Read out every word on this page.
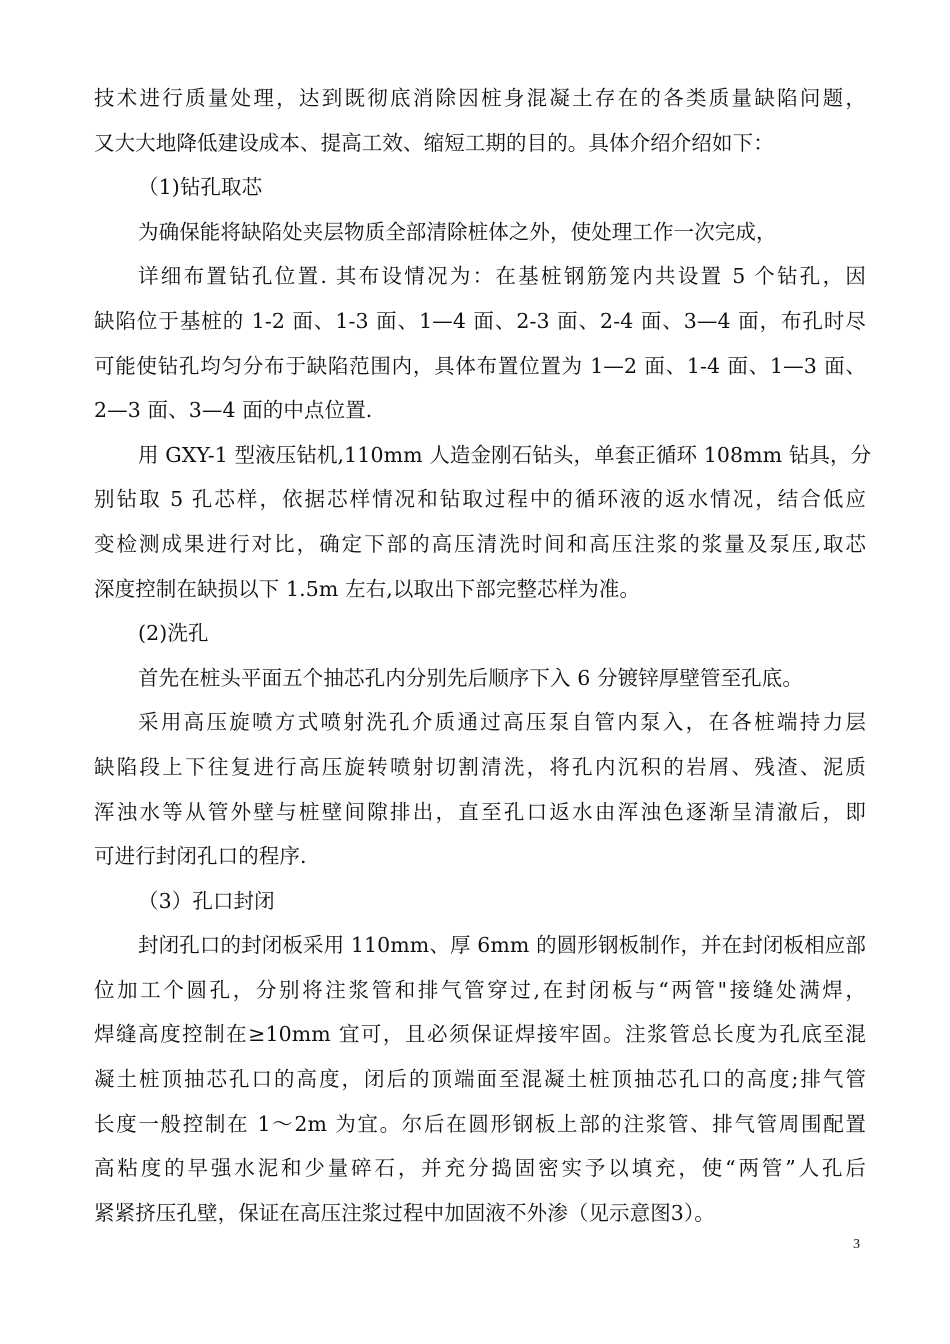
技术进行质量处理，达到既彻底消除因桩身混凝土存在的各类质量缺陷问题，
又大大地降低建设成本、提高工效、缩短工期的目的。具体介绍介绍如下：
（1)钻孔取芯
为确保能将缺陷处夹层物质全部清除桩体之外，使处理工作一次完成，
详细布置钻孔位置. 其布设情况为：在基桩钢筋笼内共设置 5 个钻孔，因
缺陷位于基桩的 1-2 面、1-3 面、1—4 面、2-3 面、2-4 面、3—4 面，布孔时尽
可能使钻孔均匀分布于缺陷范围内，具体布置位置为 1—2 面、1-4 面、1—3 面、
2—3 面、3—4 面的中点位置.
用 GXY-1 型液压钻机,110mm 人造金刚石钻头，单套正循环 108mm 钻具，分
别钻取 5 孔芯样，依据芯样情况和钻取过程中的循环液的返水情况，结合低应
变检测成果进行对比，确定下部的高压清洗时间和高压注浆的浆量及泵压,取芯
深度控制在缺损以下 1.5m 左右,以取出下部完整芯样为准。
(2)洗孔
首先在桩头平面五个抽芯孔内分别先后顺序下入 6 分镀锌厚壁管至孔底。
采用高压旋喷方式喷射洗孔介质通过高压泵自管内泵入，在各桩端持力层
缺陷段上下往复进行高压旋转喷射切割清洗，将孔内沉积的岩屑、残渣、泥质
浑浊水等从管外壁与桩壁间隙排出，直至孔口返水由浑浊色逐渐呈清澈后，即
可进行封闭孔口的程序.
（3）孔口封闭
封闭孔口的封闭板采用 110mm、厚 6mm 的圆形钢板制作，并在封闭板相应部
位加工个圆孔，分别将注浆管和排气管穿过,在封闭板与“两管"接缝处满焊，
焊缝高度控制在≥10mm 宜可，且必须保证焊接牢固。注浆管总长度为孔底至混
凝土桩顶抽芯孔口的高度，闭后的顶端面至混凝土桩顶抽芯孔口的高度;排气管
长度一般控制在 1～2m 为宜。尔后在圆形钢板上部的注浆管、排气管周围配置
高粘度的早强水泥和少量碎石，并充分捣固密实予以填充，使“两管”人孔后
紧紧挤压孔壁，保证在高压注浆过程中加固液不外渗（见示意图3）。
3
